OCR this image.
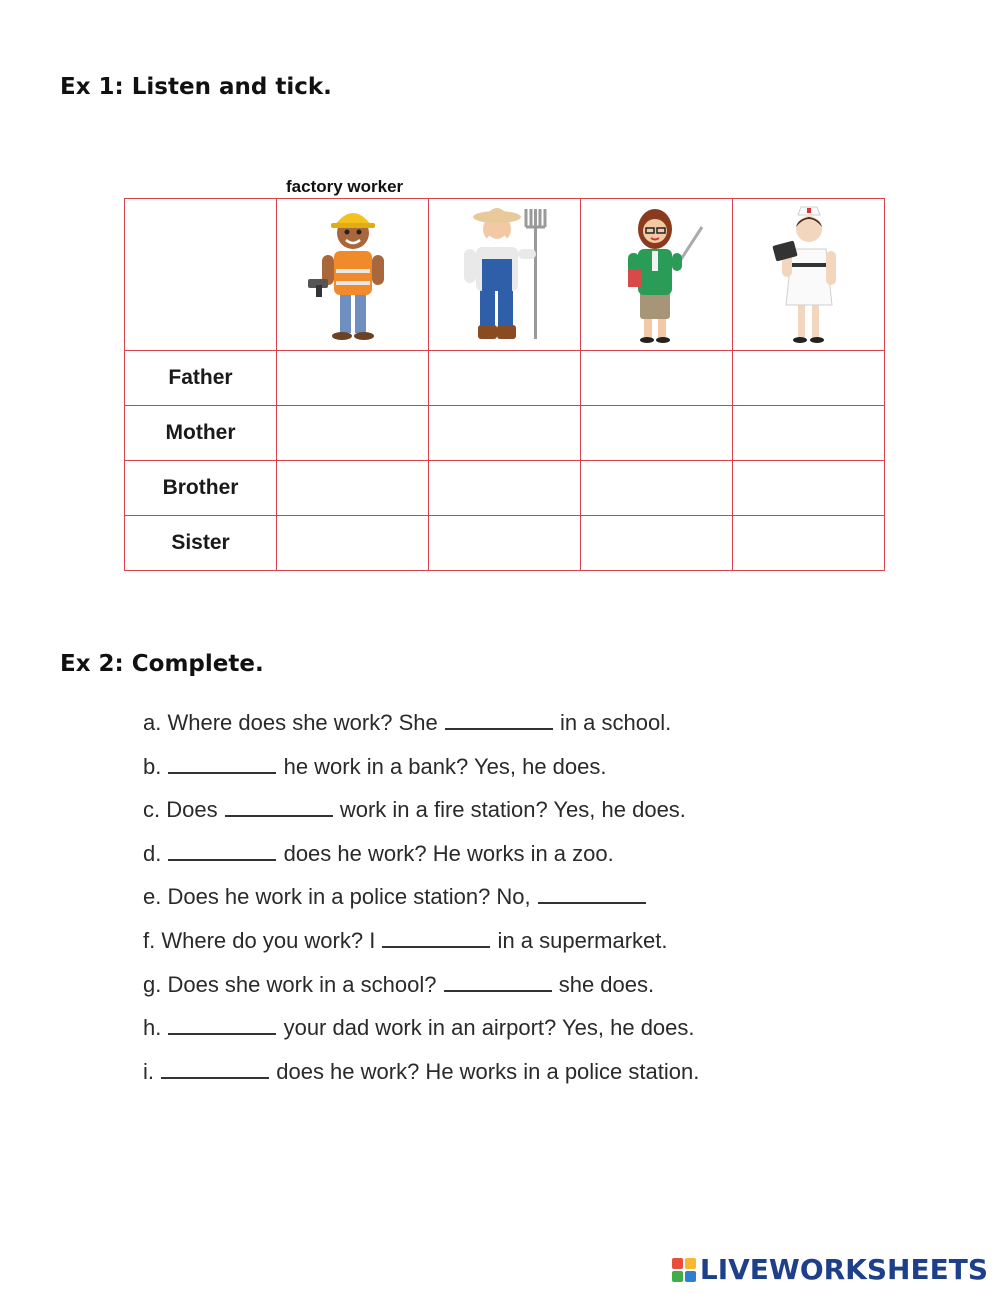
Ex 1: Listen and tick.
factory worker

Father				
Mother				
Brother				
Sister				
Ex 2: Complete.
a. Where does she work? She	in a school.
b.	he work in a bank? Yes, he does.
c. Does	work in a fire station? Yes, he does.
d.	does he work? He works in a zoo.
e. Does he work in a police station? No,
f. Where do you work? I	in a supermarket.
g. Does she work in a school?	she does.
h.	your dad work in an airport? Yes, he does.
i.	does he work? He works in a police station.
LIVEWORKSHEETS
